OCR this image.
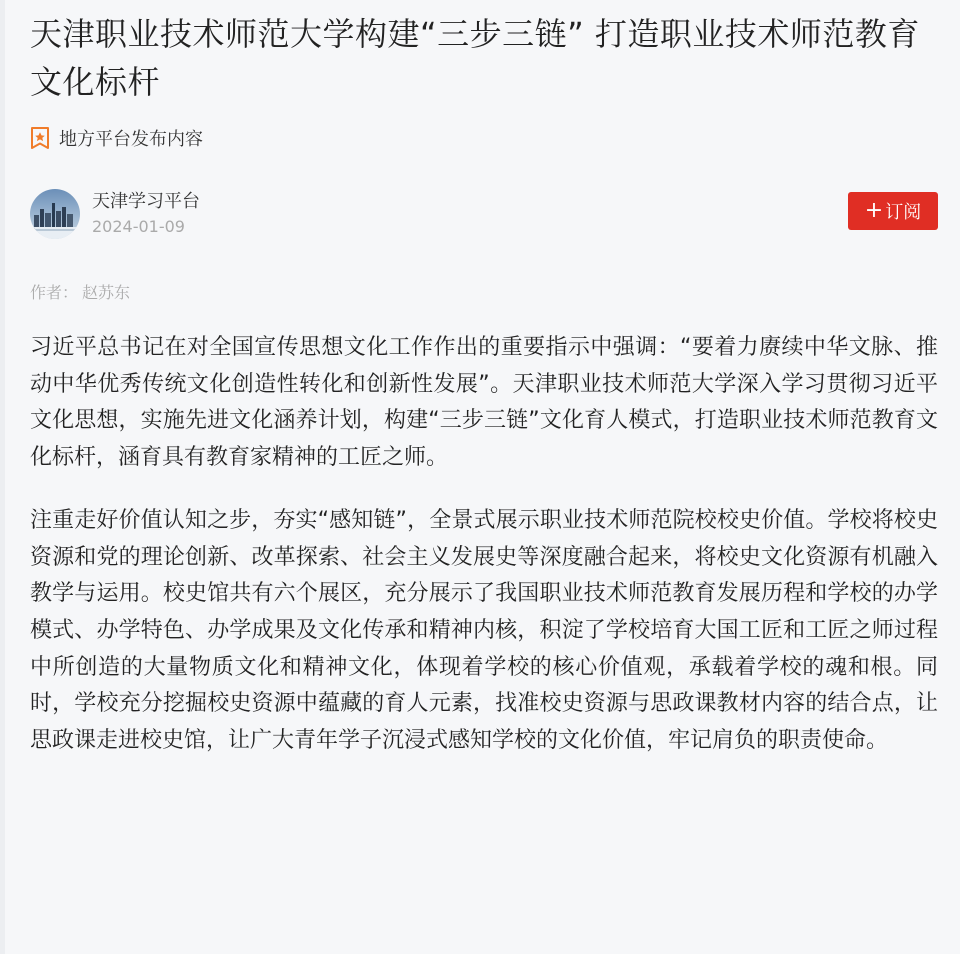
天津职业技术师范大学构建“三步三链” 打造职业技术师范教育文化标杆
地方平台发布内容
天津学习平台
2024-01-09
+ 订阅
作者： 赵苏东

习近平总书记在对全国宣传思想文化工作作出的重要指示中强调：“要着力赓续中华文脉、推动中华优秀传统文化创造性转化和创新性发展”。天津职业技术师范大学深入学习贯彻习近平文化思想，实施先进文化涵养计划，构建“三步三链”文化育人模式，打造职业技术师范教育文化标杆，涵育具有教育家精神的工匠之师。

注重走好价值认知之步，夯实“感知链”，全景式展示职业技术师范院校校史价值。学校将校史资源和党的理论创新、改革探索、社会主义发展史等深度融合起来，将校史文化资源有机融入教学与运用。校史馆共有六个展区，充分展示了我国职业技术师范教育发展历程和学校的办学模式、办学特色、办学成果及文化传承和精神内核，积淀了学校培育大国工匠和工匠之师过程中所创造的大量物质文化和精神文化，体现着学校的核心价值观，承载着学校的魂和根。同时，学校充分挖掘校史资源中蕴藏的育人元素，找准校史资源与思政课教材内容的结合点，让思政课走进校史馆，让广大青年学子沉浸式感知学校的文化价值，牢记肩负的职责使命。
